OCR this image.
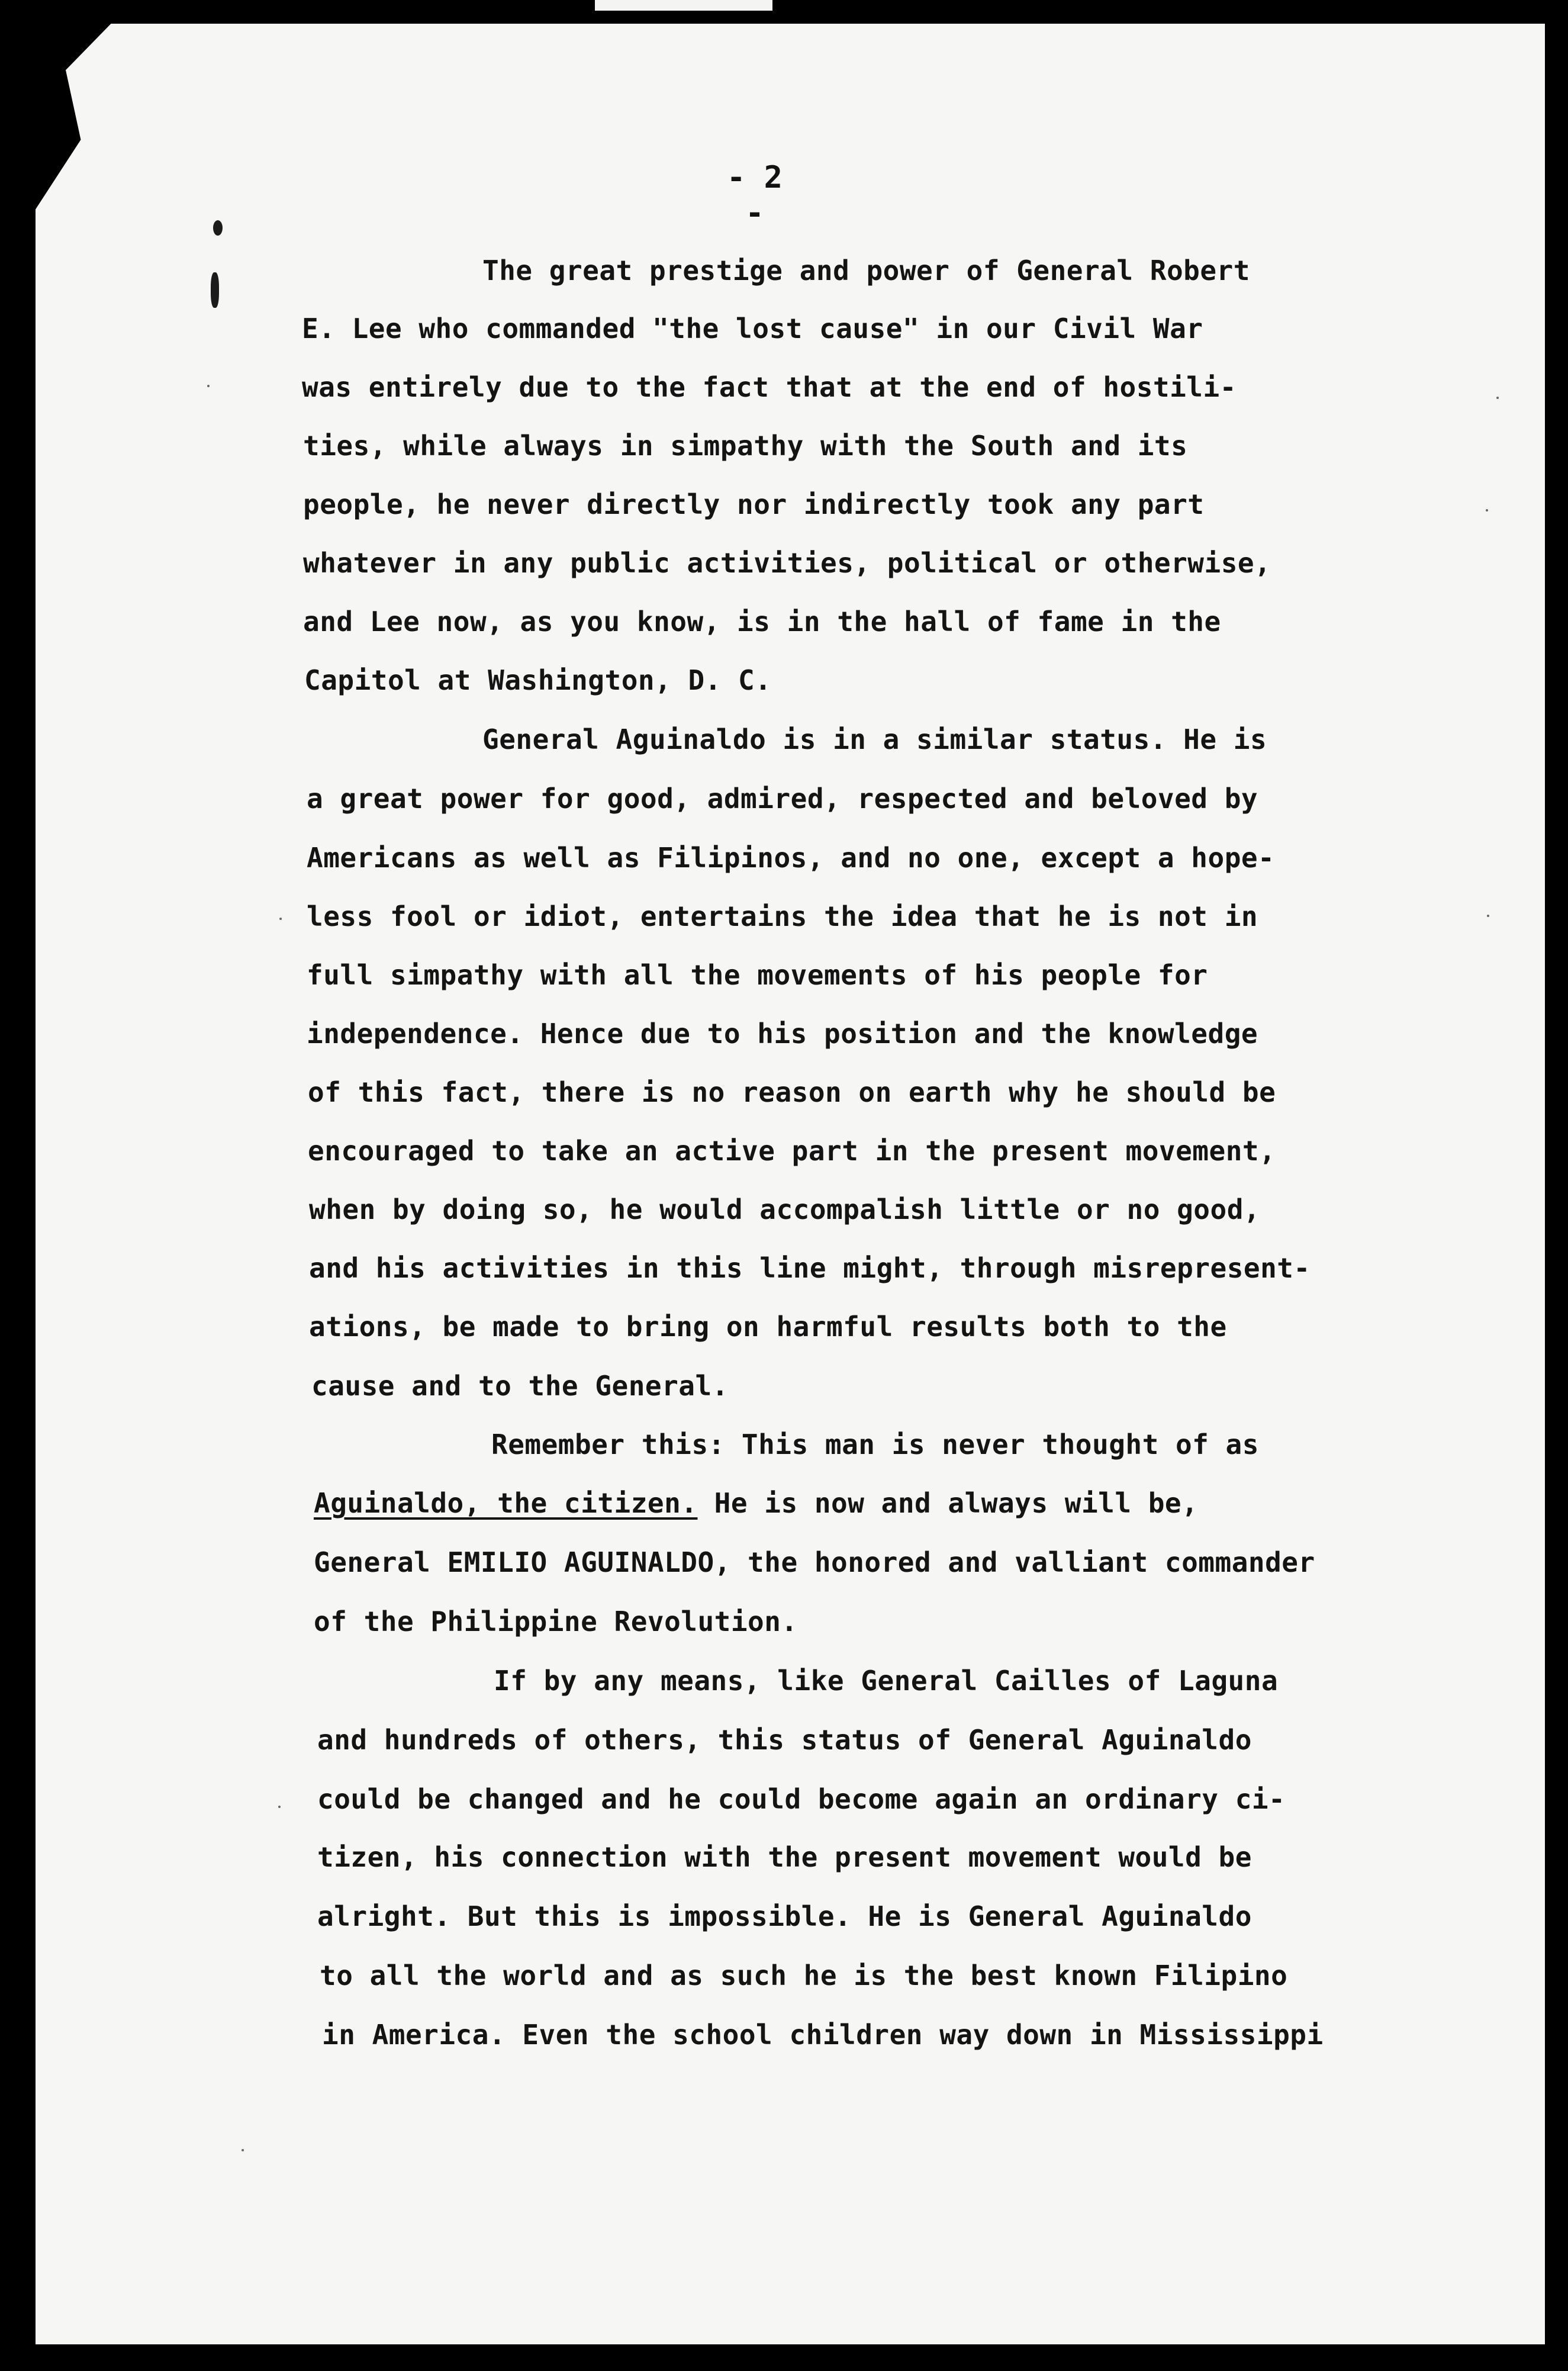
- 2 -
The great prestige and power of General Robert
E. Lee who commanded "the lost cause" in our Civil War
was entirely due to the fact that at the end of hostili-
ties, while always in simpathy with the South and its
people, he never directly nor indirectly took any part
whatever in any public activities, political or otherwise,
and Lee now, as you know, is in the hall of fame in the
Capitol at Washington, D. C.
General Aguinaldo is in a similar status. He is
a great power for good, admired, respected and beloved by
Americans as well as Filipinos, and no one, except a hope-
less fool or idiot, entertains the idea that he is not in
full simpathy with all the movements of his people for
independence. Hence due to his position and the knowledge
of this fact, there is no reason on earth why he should be
encouraged to take an active part in the present movement,
when by doing so, he would accompalish little or no good,
and his activities in this line might, through misrepresent-
ations, be made to bring on harmful results both to the
cause and to the General.
Remember this: This man is never thought of as
Aguinaldo, the citizen. He is now and always will be,
General EMILIO AGUINALDO, the honored and valliant commander
of the Philippine Revolution.
If by any means, like General Cailles of Laguna
and hundreds of others, this status of General Aguinaldo
could be changed and he could become again an ordinary ci-
tizen, his connection with the present movement would be
alright. But this is impossible. He is General Aguinaldo
to all the world and as such he is the best known Filipino
in America. Even the school children way down in Mississippi
